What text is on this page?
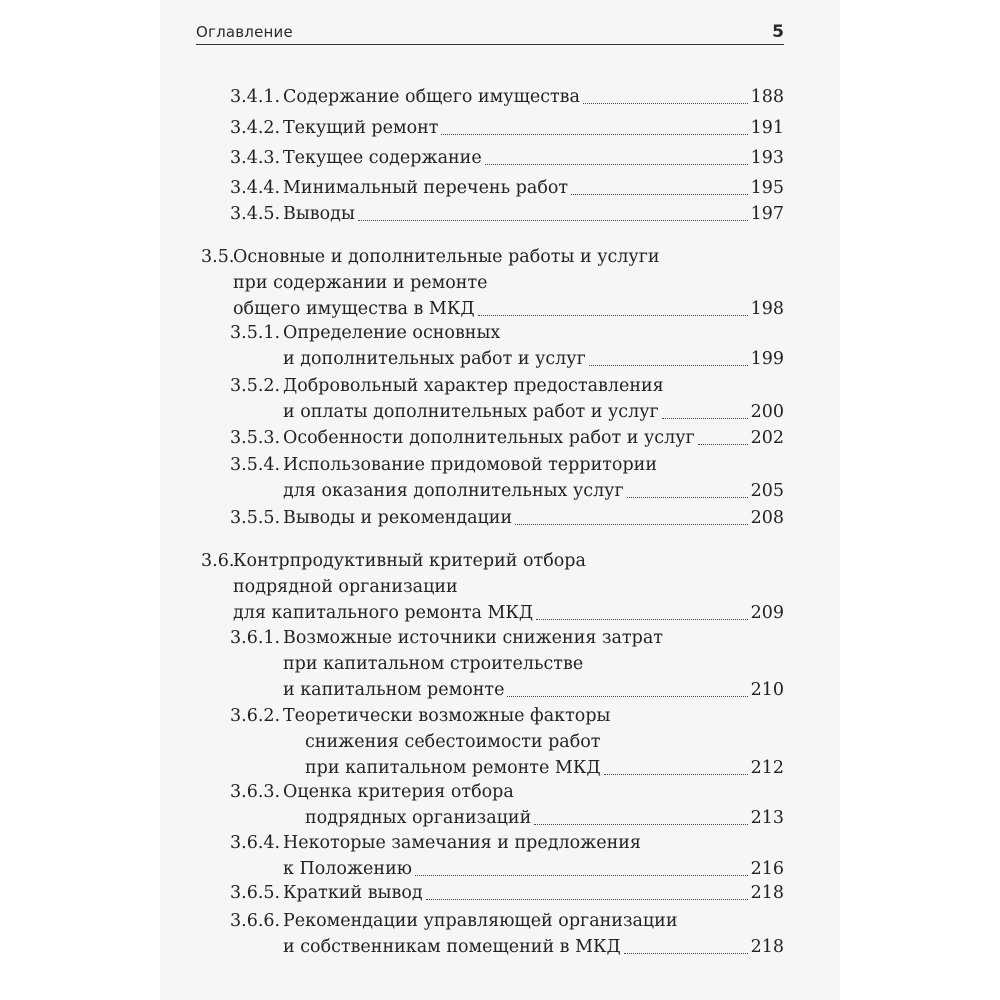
Оглавление	5
3.4.1. Содержание общего имущества	188
3.4.2. Текущий ремонт	191
3.4.3. Текущее содержание	193
3.4.4. Минимальный перечень работ	195
3.4.5. Выводы	197
3.5.
Основные и дополнительные работы и услуги
при содержании и ремонте
общего имущества в МКД	198
3.5.1. Определение основных
и дополнительных работ и услуг	199
3.5.2. Добровольный характер предоставления
и оплаты дополнительных работ и услуг	200
3.5.3. Особенности дополнительных работ и услуг	202
3.5.4. Использование придомовой территории
для оказания дополнительных услуг	205
3.5.5. Выводы и рекомендации	208
3.6.
Контрпродуктивный критерий отбора
подрядной организации
для капитального ремонта МКД	209
3.6.1. Возможные источники снижения затрат
при капитальном строительстве
и капитальном ремонте	210
3.6.2. Теоретически возможные факторы
снижения себестоимости работ
при капитальном ремонте МКД	212
3.6.3. Оценка критерия отбора
подрядных организаций	213
3.6.4. Некоторые замечания и предложения
к Положению	216
3.6.5. Краткий вывод	218
3.6.6. Рекомендации управляющей организации
и собственникам помещений в МКД	218
